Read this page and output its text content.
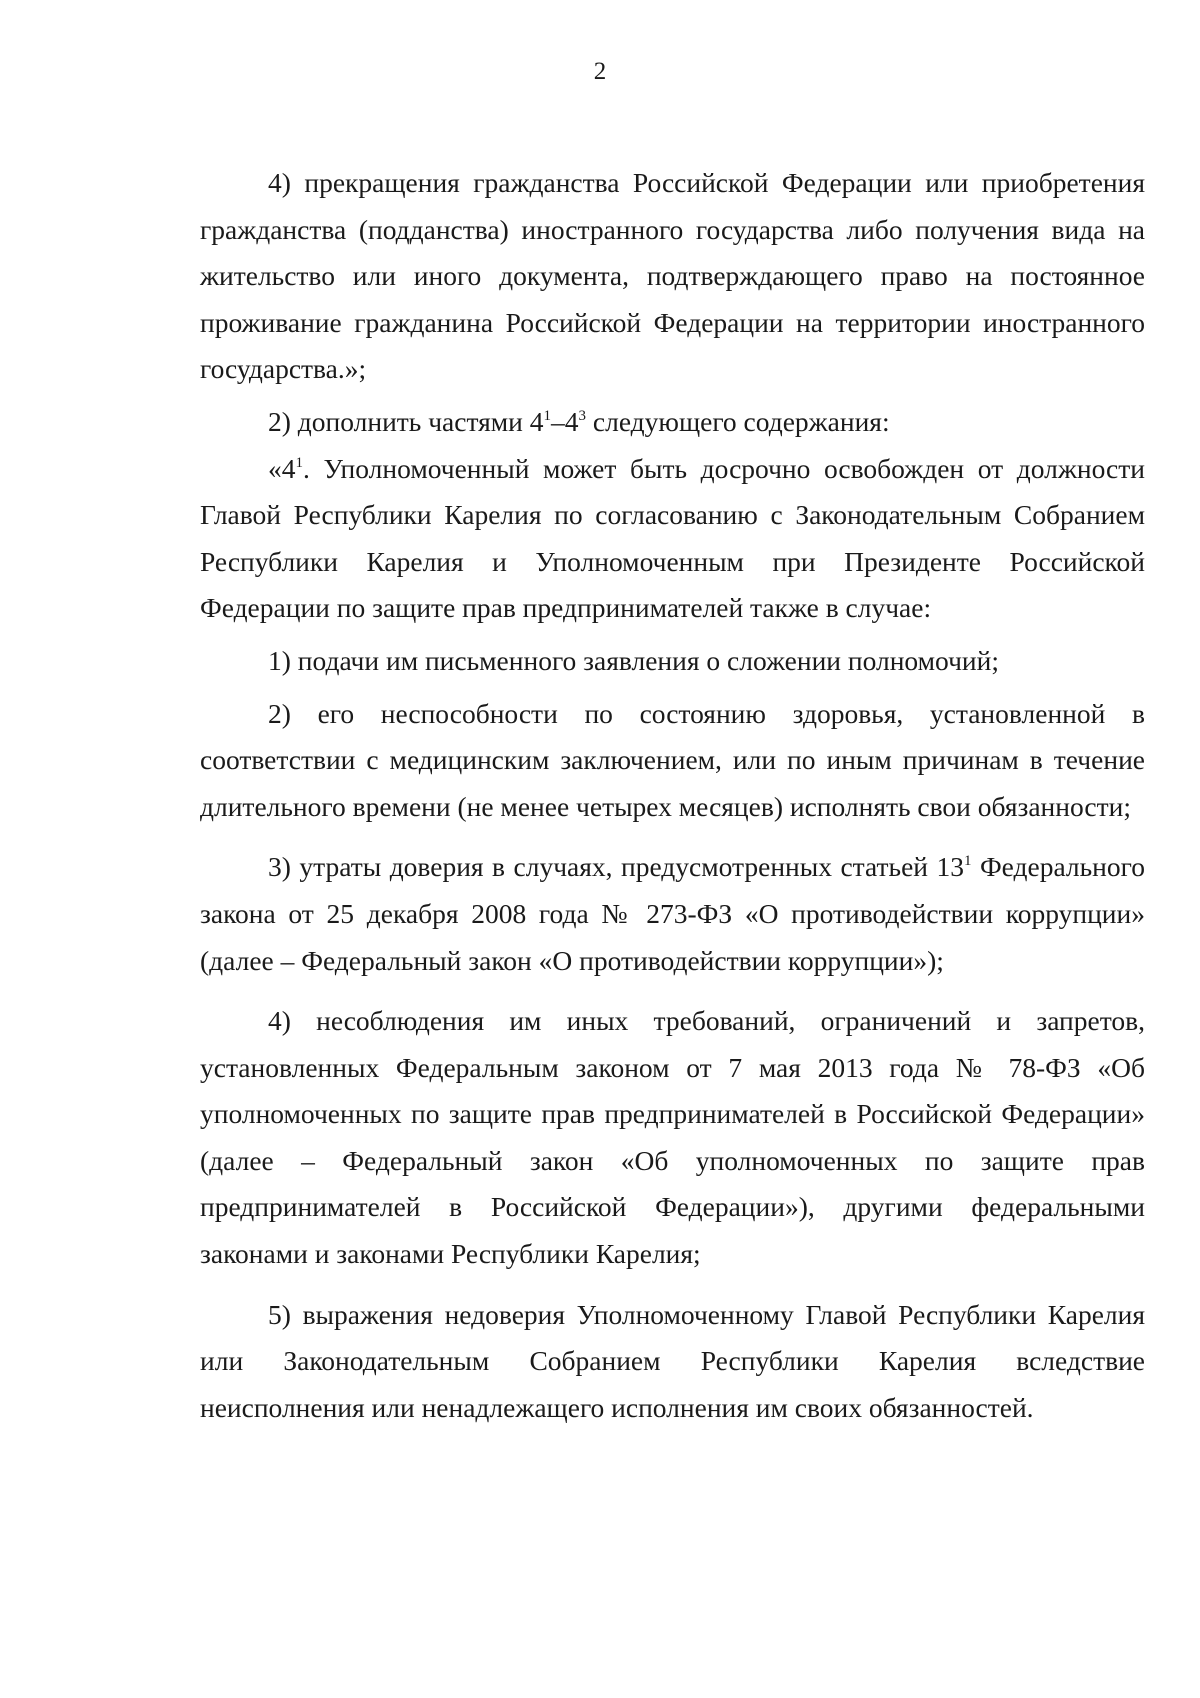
2

4) прекращения гражданства Российской Федерации или приобретения гражданства (подданства) иностранного государства либо получения вида на жительство или иного документа, подтверждающего право на постоянное проживание гражданина Российской Федерации на территории иностранного государства.»;

2) дополнить частями $4^1-4^3$ следующего содержания:

«$4^1$. Уполномоченный может быть досрочно освобожден от должности Главой Республики Карелия по согласованию с Законодательным Собранием Республики Карелия и Уполномоченным при Президенте Российской Федерации по защите прав предпринимателей также в случае:

1) подачи им письменного заявления о сложении полномочий;

2) его неспособности по состоянию здоровья, установленной в соответствии с медицинским заключением, или по иным причинам в течение длительного времени (не менее четырех месяцев) исполнять свои обязанности;

3) утраты доверия в случаях, предусмотренных статьей $13^1$ Федерального закона от 25 декабря 2008 года № 273-ФЗ «О противодействии коррупции» (далее – Федеральный закон «О противодействии коррупции»);

4) несоблюдения им иных требований, ограничений и запретов, установленных Федеральным законом от 7 мая 2013 года № 78-ФЗ «Об уполномоченных по защите прав предпринимателей в Российской Федерации» (далее – Федеральный закон «Об уполномоченных по защите прав предпринимателей в Российской Федерации»), другими федеральными законами и законами Республики Карелия;

5) выражения недоверия Уполномоченному Главой Республики Карелия или Законодательным Собранием Республики Карелия вследствие неисполнения или ненадлежащего исполнения им своих обязанностей.
